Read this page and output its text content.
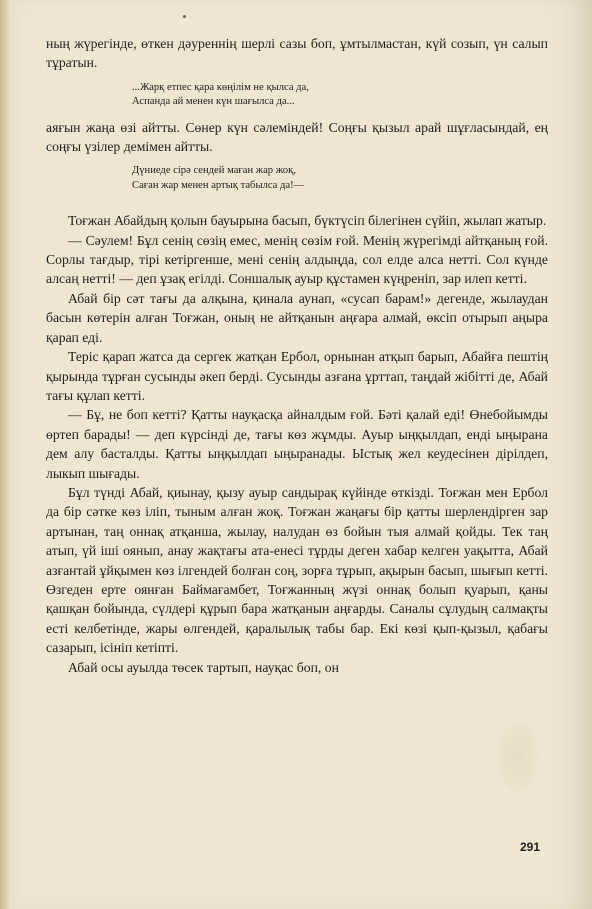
ның жүрегінде, өткен дәуреннің шерлі сазы боп, ұмтылмастан, күй созып, үн салып тұратын.

...Жарқ етпес қара көңілім не қылса да,
Аспанда ай менен күн шағылса да...

аяғын жаңа өзі айтты. Сөнер күн сәлеміндей! Соңғы қызыл арай шұғласындай, ең соңғы үзілер демімен айтты.

Дүниеде сірә сендей маған жар жоқ,
Саған жар менен артық табылса да!—

Тоғжан Абайдың қолын бауырына басып, бүктүсіп білегінен сүйіп, жылап жатыр.

— Сәулем! Бұл сенің сөзің емес, менің сөзім ғой. Менің жүрегімді айтқаның ғой. Сорлы тағдыр, тірі кетіргенше, мені сенің алдыңда, сол елде алса нетті. Сол күнде алсаң нетті! — деп ұзақ егілді. Соншалық ауыр құстамен күңреніп, зар илеп кетті.

Абай бір сәт тағы да алқына, қиналa аунап, «сусап барам!» дегенде, жылаудан басын көтерін алған Тоғжан, оның не айтқанын аңғара алмай, өксіп отырып аңыра қарап еді.

Теріс қарап жатса да сергек жатқан Ербол, орнынан атқып барып, Абайға пештің қырында тұрған сусынды әкеп берді. Сусынды азғана ұрттап, таңдай жібітті де, Абай тағы құлап кетті.

— Бұ, не боп кетті? Қатты науқасқа айналдым ғой. Бәті қалай еді! Өнебойымды өртеп барады! — деп күрсінді де, тағы көз жұмды. Ауыр ыңқылдап, енді ыңырана дем алу басталды. Қатты ыңқылдап ыңыранады. Ыстық жел кеудесінен дірілдеп, лыкып шығады.

Бұл түнді Абай, қиынау, қызу ауыр сандырақ күйінде өткізді. Тоғжан мен Ербол да бір сәтке көз іліп, тыным алған жоқ. Тоғжан жаңағы бір қатты шерлендірген зар артынан, таң оннақ атқанша, жылау, налудан өз бойын тыя алмай қойды. Тек таң атып, үй іші оянып, анау жақтағы ата-енесі тұрды деген хабар келген уақытта, Абай азғантай ұйқымен көз ілгендей болған соң, зорға тұрып, ақырын басып, шығып кетті. Өзгеден ерте оянған Баймағамбет, Тоғжанның жүзі оннақ болып қуарып, қаны қашқан бойында, сүлдері құрып бара жатқанын аңғарды. Саналы сұлудың салмақты есті келбетінде, жары өлгендей, қаралылық табы бар. Екі көзі қып-қызыл, қабағы сазарып, ісініп кетіпті.

Абай осы ауылда төсек тартып, науқас боп, он

291
